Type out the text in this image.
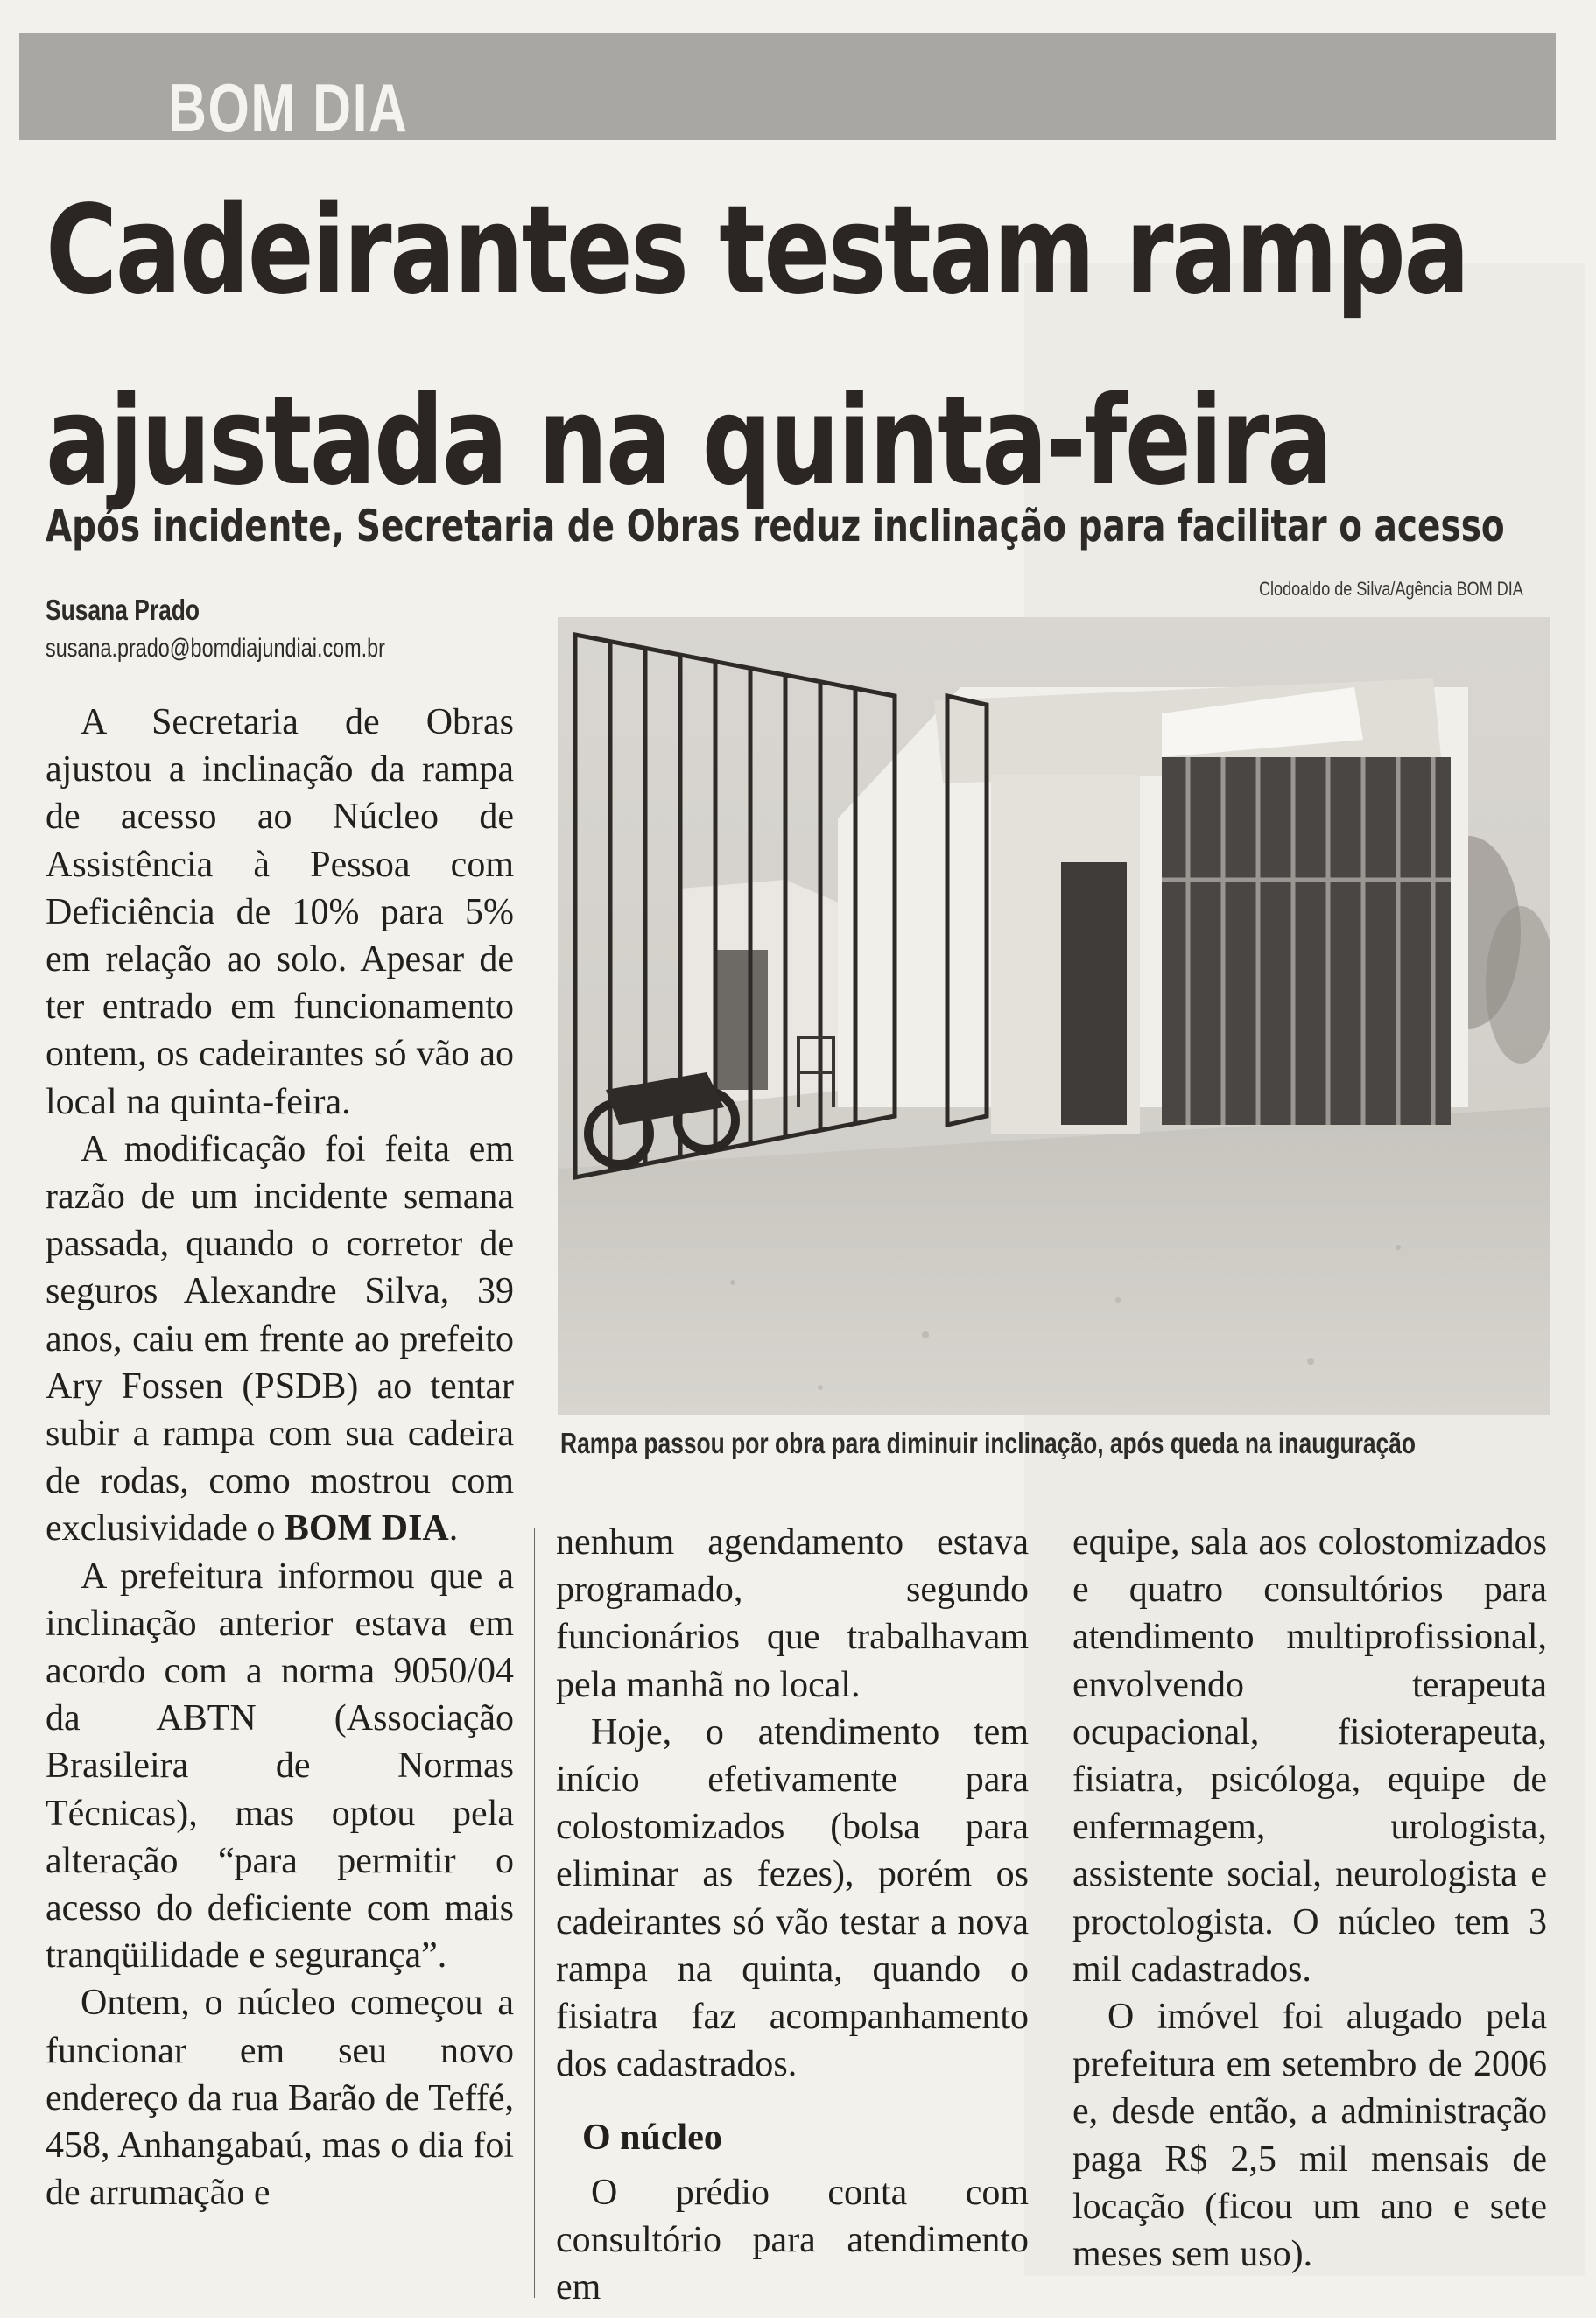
BOM DIA
Cadeirantes testam rampa
ajustada na quinta-feira
Após incidente, Secretaria de Obras reduz inclinação para facilitar o acesso
Clodoaldo de Silva/Agência BOM DIA
Susana Prado
susana.prado@bomdiajundiai.com.br

A Secretaria de Obras ajustou a inclinação da rampa de acesso ao Núcleo de Assistência à Pessoa com Deficiência de 10% para 5% em relação ao solo. Apesar de ter entrado em funcionamento ontem, os cadeirantes só vão ao local na quinta-feira.

A modificação foi feita em razão de um incidente semana passada, quando o corretor de seguros Alexandre Silva, 39 anos, caiu em frente ao prefeito Ary Fossen (PSDB) ao tentar subir a rampa com sua cadeira de rodas, como mostrou com exclusividade o BOM DIA.

A prefeitura informou que a inclinação anterior estava em acordo com a norma 9050/04 da ABTN (Associação Brasileira de Normas Técnicas), mas optou pela alteração “para permitir o acesso do deficiente com mais tranqüilidade e segurança”.

Ontem, o núcleo começou a funcionar em seu novo endereço da rua Barão de Teffé, 458, Anhangabaú, mas o dia foi de arrumação e

Rampa passou por obra para diminuir inclinação, após queda na inauguração

nenhum agendamento estava programado, segundo funcionários que trabalhavam pela manhã no local.

Hoje, o atendimento tem início efetivamente para colostomizados (bolsa para eliminar as fezes), porém os cadeirantes só vão testar a nova rampa na quinta, quando o fisiatra faz acompanhamento dos cadastrados.

O núcleo

O prédio conta com consultório para atendimento em

equipe, sala aos colostomizados e quatro consultórios para atendimento multiprofissional, envolvendo terapeuta ocupacional, fisioterapeuta, fisiatra, psicóloga, equipe de enfermagem, urologista, assistente social, neurologista e proctologista. O núcleo tem 3 mil cadastrados.

O imóvel foi alugado pela prefeitura em setembro de 2006 e, desde então, a administração paga R$ 2,5 mil mensais de locação (ficou um ano e sete meses sem uso).
